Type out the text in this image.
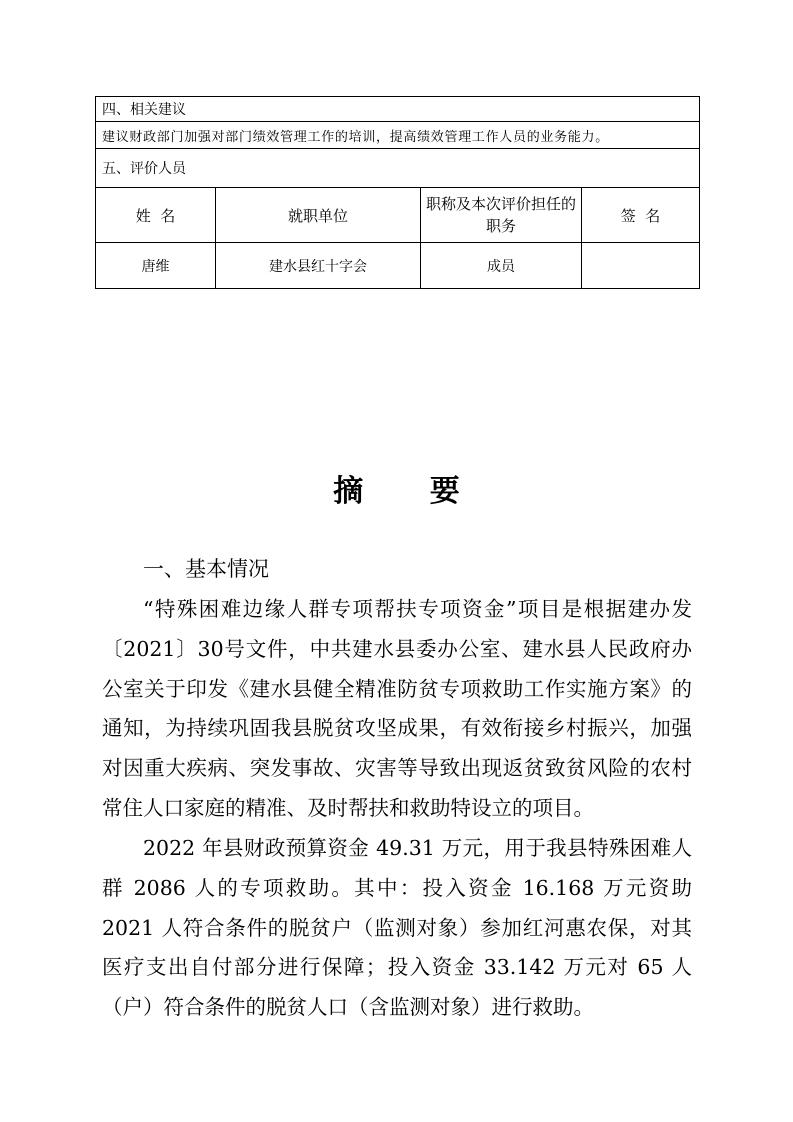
四、相关建议			
建议财政部门加强对部门绩效管理工作的培训，提高绩效管理工作人员的业务能力。			
五、评价人员			
姓  名	就职单位	职称及本次评价担任的职务	签  名
唐维	建水县红十字会	成员	
摘 要
一、基本情况
“特殊困难边缘人群专项帮扶专项资金”项目是根据建办发〔2021〕30号文件，中共建水县委办公室、建水县人民政府办公室关于印发《建水县健全精准防贫专项救助工作实施方案》的通知，为持续巩固我县脱贫攻坚成果，有效衔接乡村振兴，加强对因重大疾病、突发事故、灾害等导致出现返贫致贫风险的农村常住人口家庭的精准、及时帮扶和救助特设立的项目。
2022 年县财政预算资金 49.31 万元，用于我县特殊困难人群 2086 人的专项救助。其中：投入资金 16.168 万元资助 2021 人符合条件的脱贫户（监测对象）参加红河惠农保，对其医疗支出自付部分进行保障；投入资金 33.142 万元对 65 人（户）符合条件的脱贫人口（含监测对象）进行救助。
